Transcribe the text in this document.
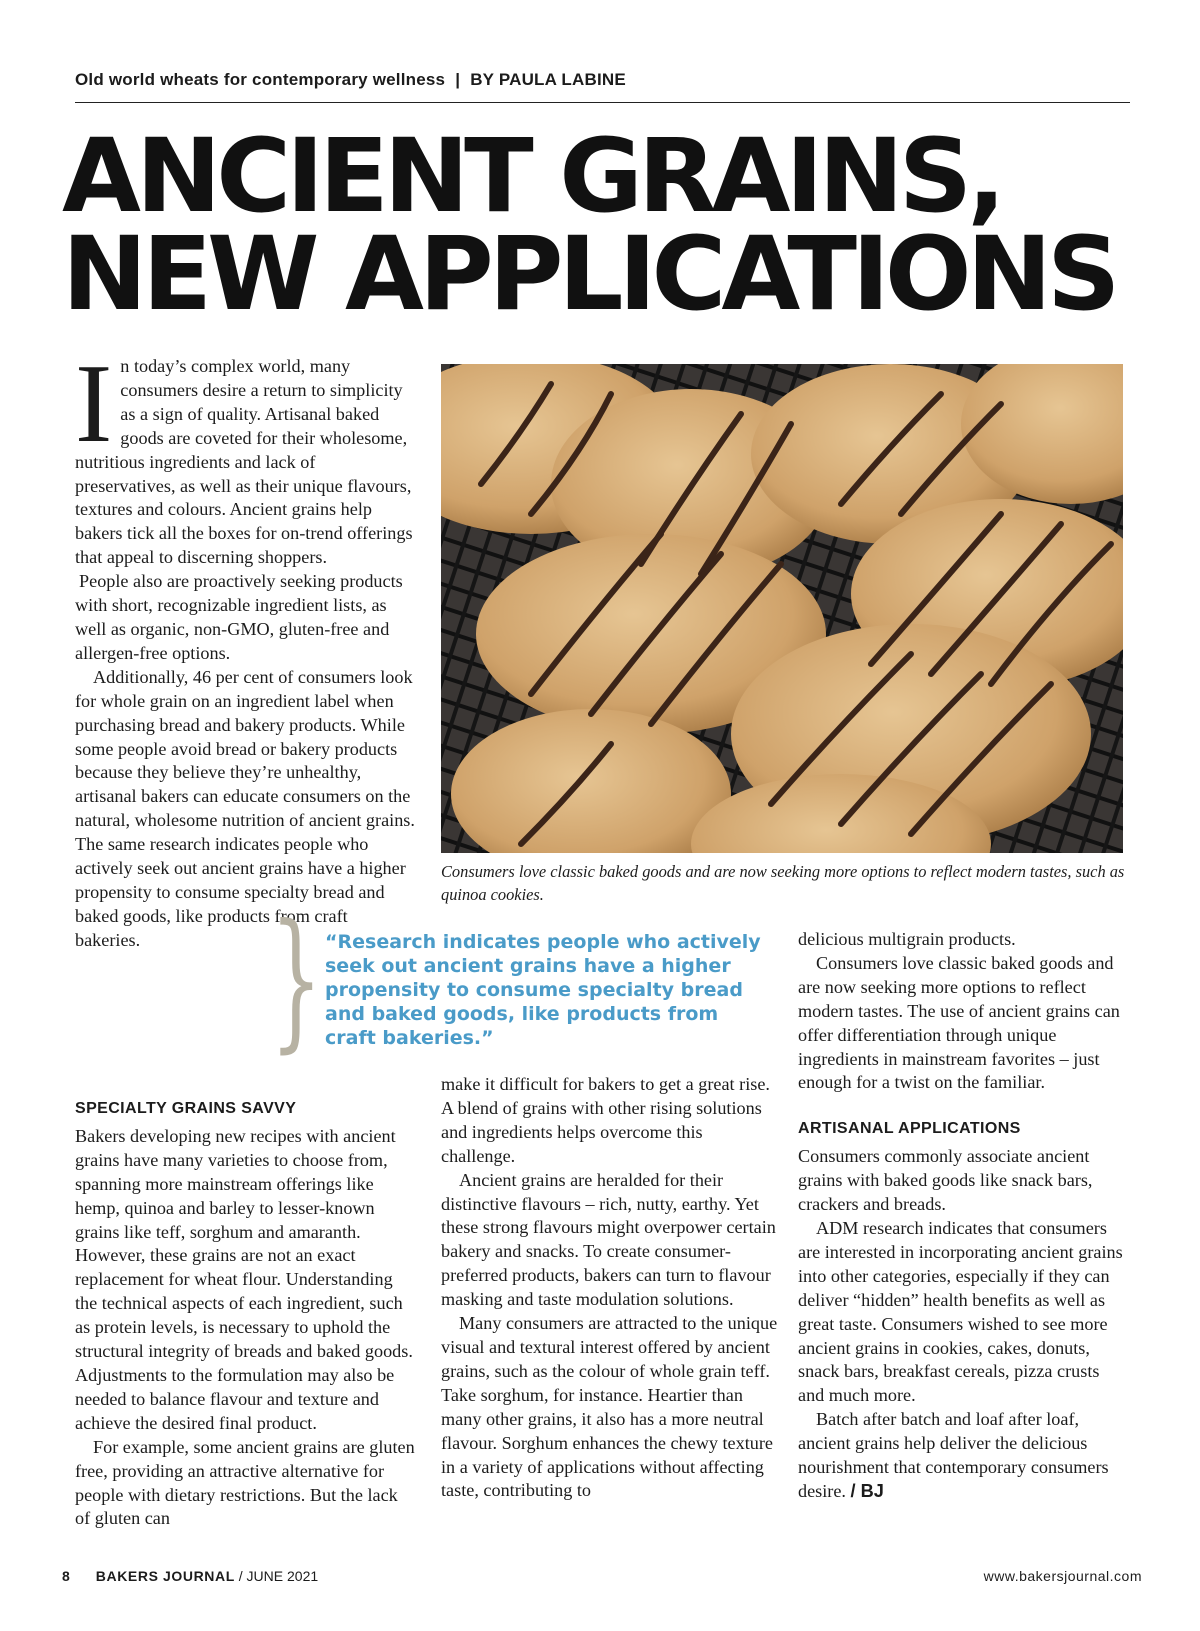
Old world wheats for contemporary wellness | BY PAULA LABINE
ANCIENT GRAINS,
NEW APPLICATIONS

In today’s complex world, many consumers desire a return to simplicity as a sign of quality. Artisanal baked goods are coveted for their wholesome, nutritious ingredients and lack of preservatives, as well as their unique flavours, textures and colours. Ancient grains help bakers tick all the boxes for on-trend offerings that appeal to discerning shoppers.

People also are proactively seeking products with short, recognizable ingredient lists, as well as organic, non-GMO, gluten-free and allergen-free options.

Additionally, 46 per cent of consumers look for whole grain on an ingredient label when purchasing bread and bakery products. While some people avoid bread or bakery products because they believe they’re unhealthy, artisanal bakers can educate consumers on the natural, wholesome nutrition of ancient grains. The same research indicates people who actively seek out ancient grains have a higher propensity to consume specialty bread and baked goods, like products from craft bakeries.

SPECIALTY GRAINS SAVVY

Bakers developing new recipes with ancient grains have many varieties to choose from, spanning more mainstream offerings like hemp, quinoa and barley to lesser-known grains like teff, sorghum and amaranth. However, these grains are not an exact replacement for wheat flour. Understanding the technical aspects of each ingredient, such as protein levels, is necessary to uphold the structural integrity of breads and baked goods. Adjustments to the formulation may also be needed to balance flavour and texture and achieve the desired final product.

For example, some ancient grains are gluten free, providing an attractive alternative for people with dietary restrictions. But the lack of gluten can

Consumers love classic baked goods and are now seeking more options to reflect modern tastes, such as quinoa cookies.
} “Research indicates people who actively seek out ancient grains have a higher propensity to consume specialty bread and baked goods, like products from craft bakeries.”

make it difficult for bakers to get a great rise. A blend of grains with other rising solutions and ingredients helps overcome this challenge.

Ancient grains are heralded for their distinctive flavours – rich, nutty, earthy. Yet these strong flavours might overpower certain bakery and snacks. To create consumer-preferred products, bakers can turn to flavour masking and taste modulation solutions.

Many consumers are attracted to the unique visual and textural interest offered by ancient grains, such as the colour of whole grain teff. Take sorghum, for instance. Heartier than many other grains, it also has a more neutral flavour. Sorghum enhances the chewy texture in a variety of applications without affecting taste, contributing to

delicious multigrain products.

Consumers love classic baked goods and are now seeking more options to reflect modern tastes. The use of ancient grains can offer differentiation through unique ingredients in mainstream favorites – just enough for a twist on the familiar.

ARTISANAL APPLICATIONS

Consumers commonly associate ancient grains with baked goods like snack bars, crackers and breads.

ADM research indicates that consumers are interested in incorporating ancient grains into other categories, especially if they can deliver “hidden” health benefits as well as great taste. Consumers wished to see more ancient grains in cookies, cakes, donuts, snack bars, breakfast cereals, pizza crusts and much more.

Batch after batch and loaf after loaf, ancient grains help deliver the delicious nourishment that contemporary consumers desire. / BJ

8 BAKERS JOURNAL / JUNE 2021	www.bakersjournal.com
